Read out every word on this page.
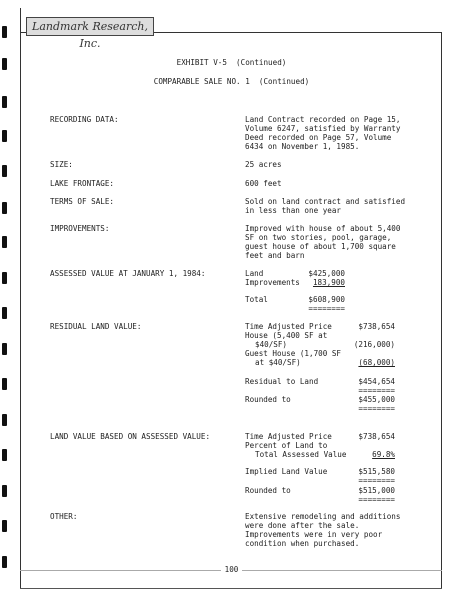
Landmark Research, Inc.
EXHIBIT V-5  (Continued)
COMPARABLE SALE NO. 1  (Continued)
RECORDING DATA:	Land Contract recorded on Page 15,
Volume 6247, satisfied by Warranty
Deed recorded on Page 57, Volume
6434 on November 1, 1985.
SIZE:	25 acres
LAKE FRONTAGE:	600 feet
TERMS OF SALE:	Sold on land contract and satisfied
in less than one year
IMPROVEMENTS:	Improved with house of about 5,400
SF on two stories, pool, garage,
guest house of about 1,700 square
feet and barn
ASSESSED VALUE AT JANUARY 1, 1984:	Land	$425,000
Improvements	183,900
Total	$608,900
========
RESIDUAL LAND VALUE:	Time Adjusted Price	$738,654
House (5,400 SF at
$40/SF)	(216,000)
Guest House (1,700 SF
at $40/SF)	(68,000)
Residual to Land	$454,654
========
Rounded to	$455,000
========
LAND VALUE BASED ON ASSESSED VALUE:	Time Adjusted Price	$738,654
Percent of Land to
Total Assessed Value	69.8%
Implied Land Value	$515,580
========
Rounded to	$515,000
========
OTHER:	Extensive remodeling and additions
were done after the sale.
Improvements were in very poor
condition when purchased.
100
